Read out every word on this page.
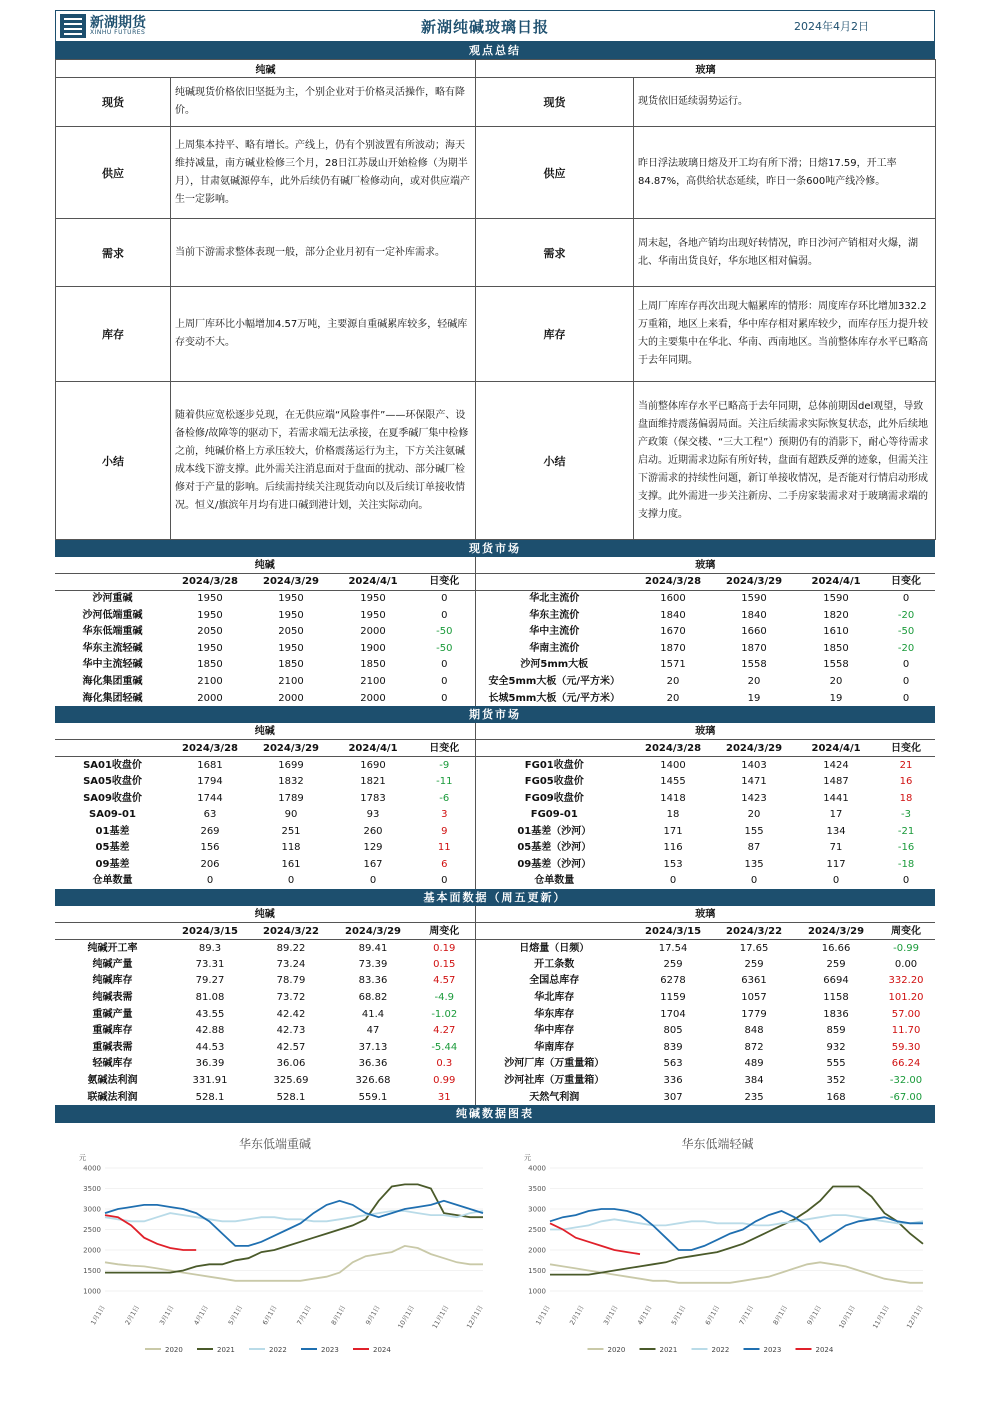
新湖期货
XINHU FUTURES	新湖纯碱玻璃日报	2024年4月2日
观点总结
纯碱		玻璃	
现货	纯碱现货价格依旧坚挺为主，个别企业对于价格灵活操作，略有降价。	现货	现货依旧延续弱势运行。
供应	上周集本持平、略有增长。产线上，仍有个别波置有所波动；海天维持减量，南方碱业检修三个月，28日江苏晟山开始检修（为期半月），甘肃氨碱源停车，此外后续仍有碱厂检修动向，或对供应端产生一定影响。	供应	昨日浮法玻璃日熔及开工均有所下滑；日熔17.59，开工率84.87%，高供给状态延续，昨日一条600吨产线冷修。
需求	当前下游需求整体表现一般，部分企业月初有一定补库需求。	需求	周末起，各地产销均出现好转情况，昨日沙河产销相对火爆，湖北、华南出货良好，华东地区相对偏弱。
库存	上周厂库环比小幅增加4.57万吨，主要源自重碱累库较多，轻碱库存变动不大。	库存	上周厂库库存再次出现大幅累库的情形：周度库存环比增加332.2万重箱，地区上来看，华中库存相对累库较少，而库存压力提升较大的主要集中在华北、华南、西南地区。当前整体库存水平已略高于去年同期。
小结	随着供应宽松逐步兑现，在无供应端“风险事件”——环保限产、设备检修/故障等的驱动下，若需求端无法承接，在夏季碱厂集中检修之前，纯碱价格上方承压较大，价格震荡运行为主，下方关注氨碱成本线下游支撑。此外需关注消息面对于盘面的扰动、部分碱厂检修对于产量的影响。后续需持续关注现货动向以及后续订单接收情况。恒义/旗滨年月均有进口碱到港计划，关注实际动向。	小结	当前整体库存水平已略高于去年同期，总体前期因del观望，导致盘面维持震荡偏弱局面。关注后续需求实际恢复状态，此外后续地产政策（保交楼、“三大工程”）预期仍有的消影下，耐心等待需求启动。近期需求边际有所好转，盘面有超跌反弹的迹象，但需关注下游需求的持续性问题，新订单接收情况，是否能对行情启动形成支撑。此外需进一步关注新房、二手房家装需求对于玻璃需求端的支撑力度。
现货市场
纯碱					玻璃				
	2024/3/28	2024/3/29	2024/4/1	日变化		2024/3/28	2024/3/29	2024/4/1	日变化
沙河重碱	1950	1950	1950	0	华北主流价	1600	1590	1590	0
沙河低端重碱	1950	1950	1950	0	华东主流价	1840	1840	1820	-20
华东低端重碱	2050	2050	2000	-50	华中主流价	1670	1660	1610	-50
华东主流轻碱	1950	1950	1900	-50	华南主流价	1870	1870	1850	-20
华中主流轻碱	1850	1850	1850	0	沙河5mm大板	1571	1558	1558	0
海化集团重碱	2100	2100	2100	0	安全5mm大板（元/平方米）	20	20	20	0
海化集团轻碱	2000	2000	2000	0	长城5mm大板（元/平方米）	20	19	19	0
期货市场
纯碱					玻璃				
	2024/3/28	2024/3/29	2024/4/1	日变化		2024/3/28	2024/3/29	2024/4/1	日变化
SA01收盘价	1681	1699	1690	-9	FG01收盘价	1400	1403	1424	21
SA05收盘价	1794	1832	1821	-11	FG05收盘价	1455	1471	1487	16
SA09收盘价	1744	1789	1783	-6	FG09收盘价	1418	1423	1441	18
SA09-01	63	90	93	3	FG09-01	18	20	17	-3
01基差	269	251	260	9	01基差（沙河）	171	155	134	-21
05基差	156	118	129	11	05基差（沙河）	116	87	71	-16
09基差	206	161	167	6	09基差（沙河）	153	135	117	-18
仓单数量	0	0	0	0	仓单数量	0	0	0	0
基本面数据（周五更新）
纯碱					玻璃				
	2024/3/15	2024/3/22	2024/3/29	周变化		2024/3/15	2024/3/22	2024/3/29	周变化
纯碱开工率	89.3	89.22	89.41	0.19	日熔量（日频）	17.54	17.65	16.66	-0.99
纯碱产量	73.31	73.24	73.39	0.15	开工条数	259	259	259	0.00
纯碱库存	79.27	78.79	83.36	4.57	全国总库存	6278	6361	6694	332.20
纯碱表需	81.08	73.72	68.82	-4.9	华北库存	1159	1057	1158	101.20
重碱产量	43.55	42.42	41.4	-1.02	华东库存	1704	1779	1836	57.00
重碱库存	42.88	42.73	47	4.27	华中库存	805	848	859	11.70
重碱表需	44.53	42.57	37.13	-5.44	华南库存	839	872	932	59.30
轻碱库存	36.39	36.06	36.36	0.3	沙河厂库（万重量箱）	563	489	555	66.24
氨碱法利润	331.91	325.69	326.68	0.99	沙河社库（万重量箱）	336	384	352	-32.00
联碱法利润	528.1	528.1	559.1	31	天然气利润	307	235	168	-67.00
纯碱数据图表
华东低端重碱
元
4000
3500
3000
2500
2000
1500
1000
1月1日	2月1日	3月1日	4月1日	5月1日	6月1日	7月1日	8月1日	9月1日 10月1日 11月1日 12月1日
2020	2021	2022	2023	2024
华东低端轻碱
元
4000
3500
3000
2500
2000
1500
1000
1月1日	2月1日	3月1日	4月1日	5月1日	6月1日	7月1日	8月1日	9月1日 10月1日 11月1日 12月1日
2020	2021	2022	2023	2024
